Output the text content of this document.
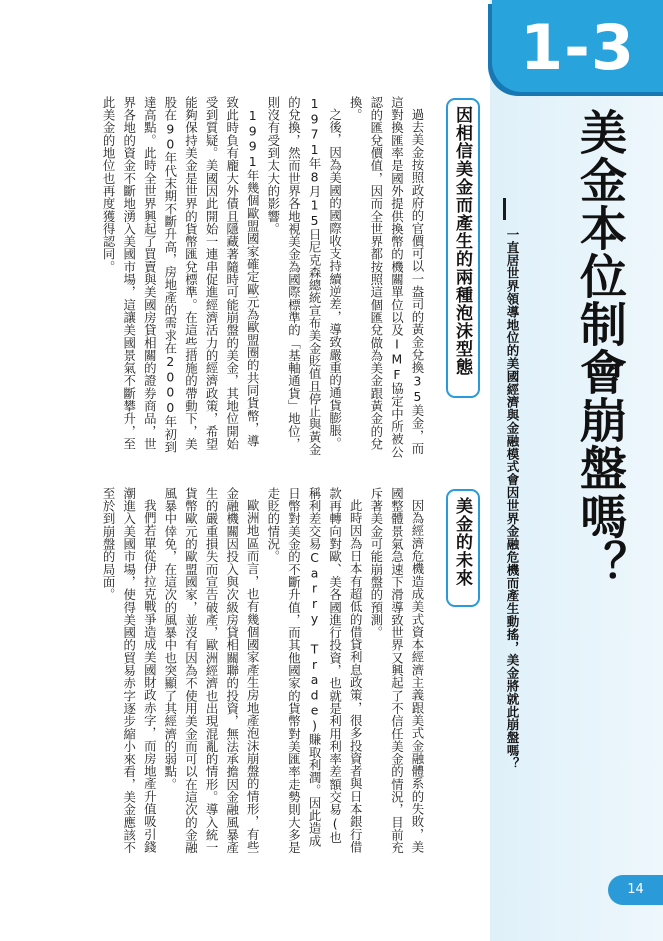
1-3
美金本位制會崩盤嗎？
一直居世界領導地位的美國經濟與金融模式會因世界金融危機而產生動搖，美金將就此崩盤嗎？
因相信美金而產生的兩種泡沫型態

過去美金按照政府的官價可以一盎司的黃金兌換35美金，而這對換匯率是國外提供換幣的機關單位以及IMF協定中所被公認的匯兌價值，因而全世界都按照這個匯兌做為美金跟黃金的兌換。

之後，因為美國的國際收支持續逆差，導致嚴重的通貨膨脹。1971年8月15日尼克森總統宣布美金貶值且停止與黃金的兌換，然而世界各地視美金為國際標準的「基軸通貨」地位，則沒有受到太大的影響。

1991年幾個歐盟國家確定歐元為歐盟圈的共同貨幣，導致此時負有龐大外債且隱藏著隨時可能崩盤的美金，其地位開始受到質疑。美國因此開始一連串促進經濟活力的經濟政策，希望能夠保持美金是世界的貨幣匯兌標準。在這些措施的帶動下，美股在90年代末期不斷升高，房地產的需求在2000年初到達高點。此時全世界興起了買賣與美國房貸相關的證券商品，世界各地的資金不斷地湧入美國市場，這讓美國景氣不斷攀升，至此美金的地位也再度獲得認同。

美金的未來

因為經濟危機造成美式資本經濟主義跟美式金融體系的失敗，美國整體景氣急速下滑導致世界又興起了不信任美金的情況，目前充斥著美金可能崩盤的預測。

此時因為日本有超低的借貸利息政策，很多投資者與日本銀行借款再轉向對歐、美各國進行投資，也就是利用利率差額交易(也稱利差交易Carry Trade)賺取利潤。因此造成日幣對美金的不斷升值，而其他國家的貨幣對美匯率走勢則大多是走貶的情況。

歐洲地區而言，也有幾個國家產生房地產泡沫崩盤的情形，有些金融機關因投入與次級房貸相關聯的投資，無法承擔因金融風暴產生的嚴重損失而宣告破產，歐洲經濟也出現混亂的情形。導入統一貨幣歐元的歐盟國家，並沒有因為不使用美金而可以在這次的金融風暴中倖免，在這次的風暴中也突顯了其經濟的弱點。

我們若單從伊拉克戰爭造成美國財政赤字，而房地產升值吸引錢潮進入美國市場，使得美國的貿易赤字逐步縮小來看，美金應該不至於到崩盤的局面。

14
